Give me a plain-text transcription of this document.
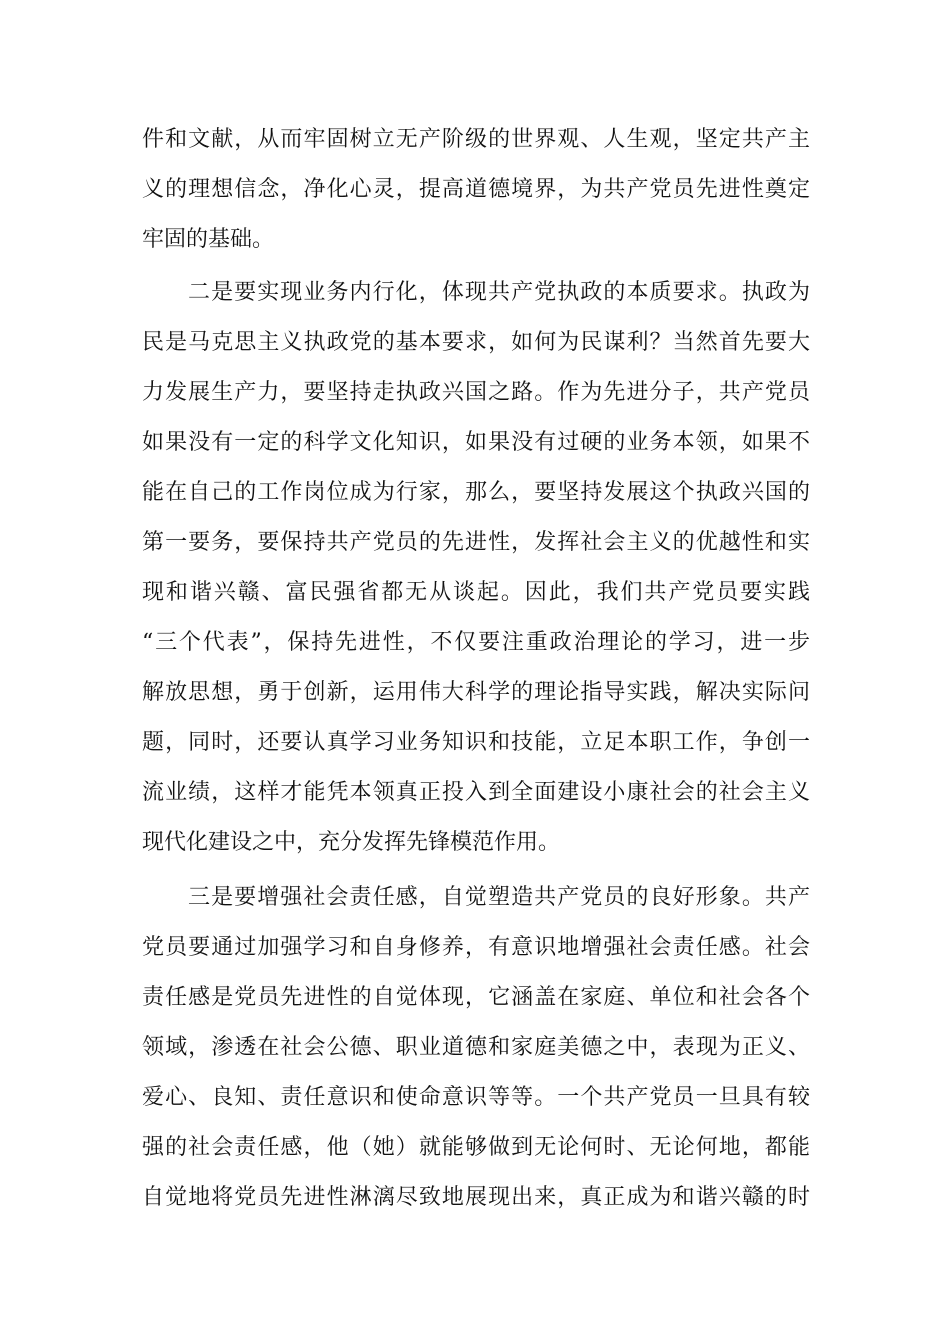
件和文献，从而牢固树立无产阶级的世界观、人生观，坚定共产主
义的理想信念，净化心灵，提高道德境界，为共产党员先进性奠定
牢固的基础。
二是要实现业务内行化，体现共产党执政的本质要求。执政为
民是马克思主义执政党的基本要求，如何为民谋利？当然首先要大
力发展生产力，要坚持走执政兴国之路。作为先进分子，共产党员
如果没有一定的科学文化知识，如果没有过硬的业务本领，如果不
能在自己的工作岗位成为行家，那么，要坚持发展这个执政兴国的
第一要务，要保持共产党员的先进性，发挥社会主义的优越性和实
现和谐兴赣、富民强省都无从谈起。因此，我们共产党员要实践
“三个代表”，保持先进性，不仅要注重政治理论的学习，进一步
解放思想，勇于创新，运用伟大科学的理论指导实践，解决实际问
题，同时，还要认真学习业务知识和技能，立足本职工作，争创一
流业绩，这样才能凭本领真正投入到全面建设小康社会的社会主义
现代化建设之中，充分发挥先锋模范作用。
三是要增强社会责任感，自觉塑造共产党员的良好形象。共产
党员要通过加强学习和自身修养，有意识地增强社会责任感。社会
责任感是党员先进性的自觉体现，它涵盖在家庭、单位和社会各个
领域，渗透在社会公德、职业道德和家庭美德之中，表现为正义、
爱心、良知、责任意识和使命意识等等。一个共产党员一旦具有较
强的社会责任感，他（她）就能够做到无论何时、无论何地，都能
自觉地将党员先进性淋漓尽致地展现出来，真正成为和谐兴赣的时
